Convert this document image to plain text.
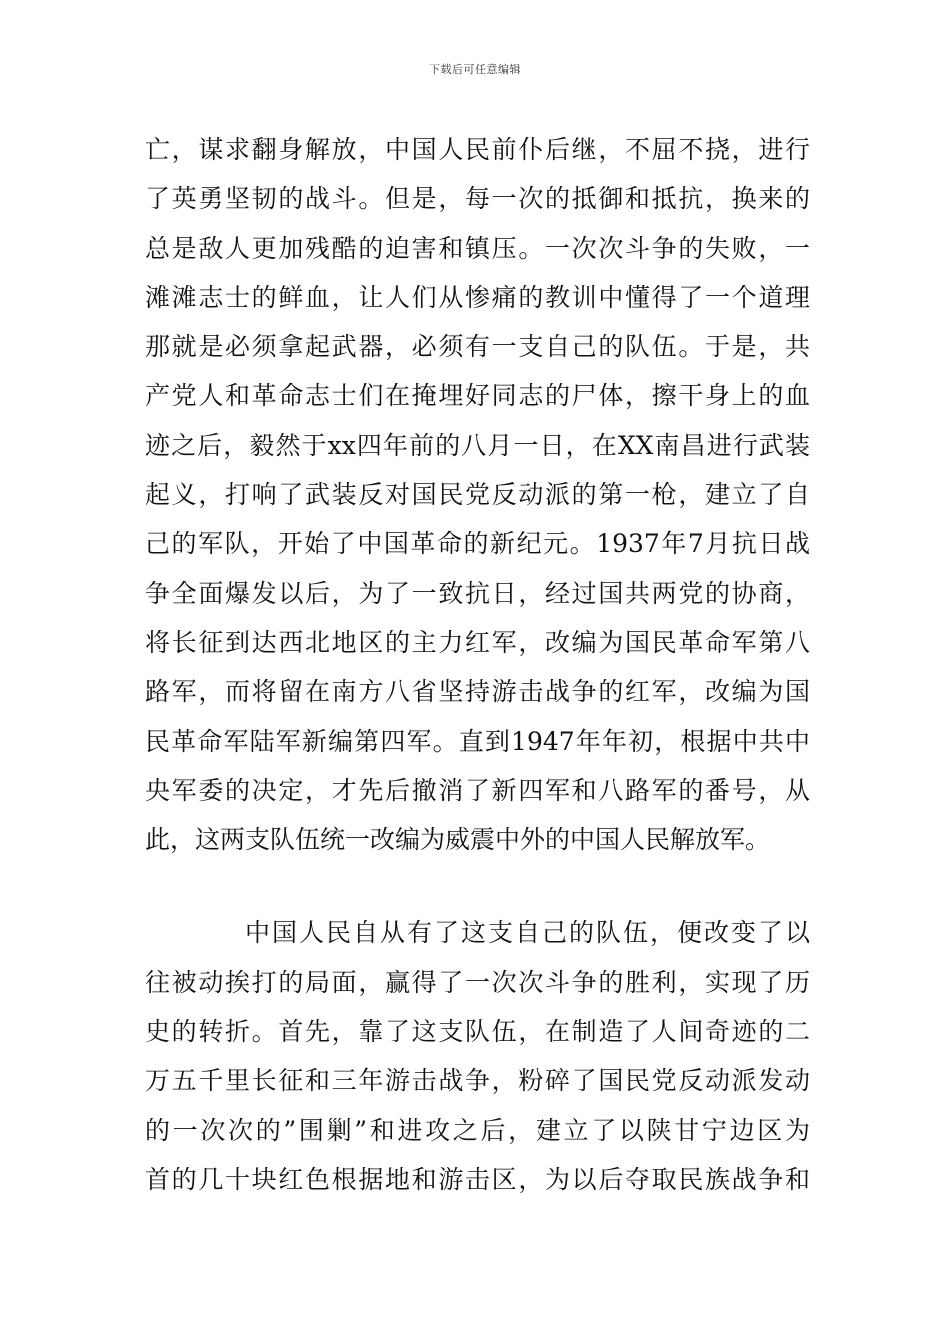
下载后可任意编辑
亡，谋求翻身解放，中国人民前仆后继，不屈不挠，进行
了英勇坚韧的战斗。但是，每一次的抵御和抵抗，换来的
总是敌人更加残酷的迫害和镇压。一次次斗争的失败，一
滩滩志士的鲜血，让人们从惨痛的教训中懂得了一个道理
那就是必须拿起武器，必须有一支自己的队伍。于是，共
产党人和革命志士们在掩埋好同志的尸体，擦干身上的血
迹之后，毅然于xx四年前的八月一日，在XX南昌进行武装
起义，打响了武装反对国民党反动派的第一枪，建立了自
己的军队，开始了中国革命的新纪元。1937年7月抗日战
争全面爆发以后，为了一致抗日，经过国共两党的协商，
将长征到达西北地区的主力红军，改编为国民革命军第八
路军，而将留在南方八省坚持游击战争的红军，改编为国
民革命军陆军新编第四军。直到1947年年初，根据中共中
央军委的决定，才先后撤消了新四军和八路军的番号，从
此，这两支队伍统一改编为威震中外的中国人民解放军。
中国人民自从有了这支自己的队伍，便改变了以
往被动挨打的局面，赢得了一次次斗争的胜利，实现了历
史的转折。首先，靠了这支队伍，在制造了人间奇迹的二
万五千里长征和三年游击战争，粉碎了国民党反动派发动
的一次次的”围剿”和进攻之后，建立了以陕甘宁边区为
首的几十块红色根据地和游击区，为以后夺取民族战争和
